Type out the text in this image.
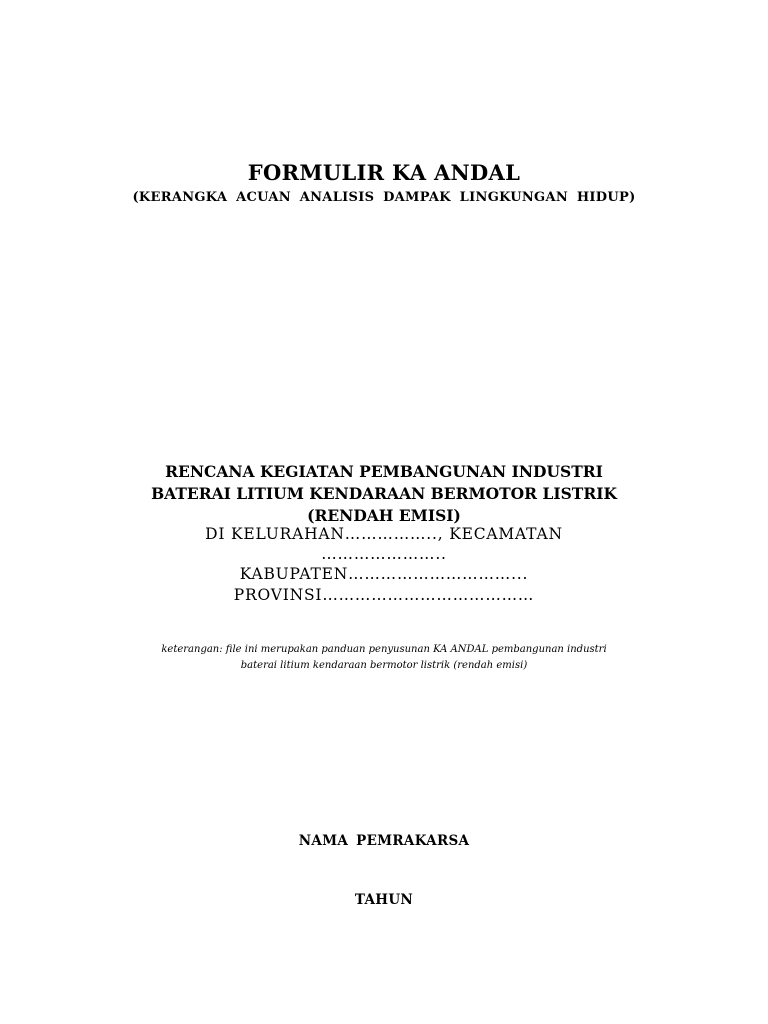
FORMULIR KA ANDAL
(KERANGKA ACUAN ANALISIS DAMPAK LINGKUNGAN HIDUP)
RENCANA KEGIATAN PEMBANGUNAN INDUSTRI
BATERAI LITIUM KENDARAAN BERMOTOR LISTRIK
(RENDAH EMISI)
DI KELURAHAN…………….., KECAMATAN
…………………..
KABUPATEN…………………………...
PROVINSI…………………………………
keterangan: file ini merupakan panduan penyusunan KA ANDAL pembangunan industri
baterai litium kendaraan bermotor listrik (rendah emisi)
NAMA PEMRAKARSA
TAHUN
